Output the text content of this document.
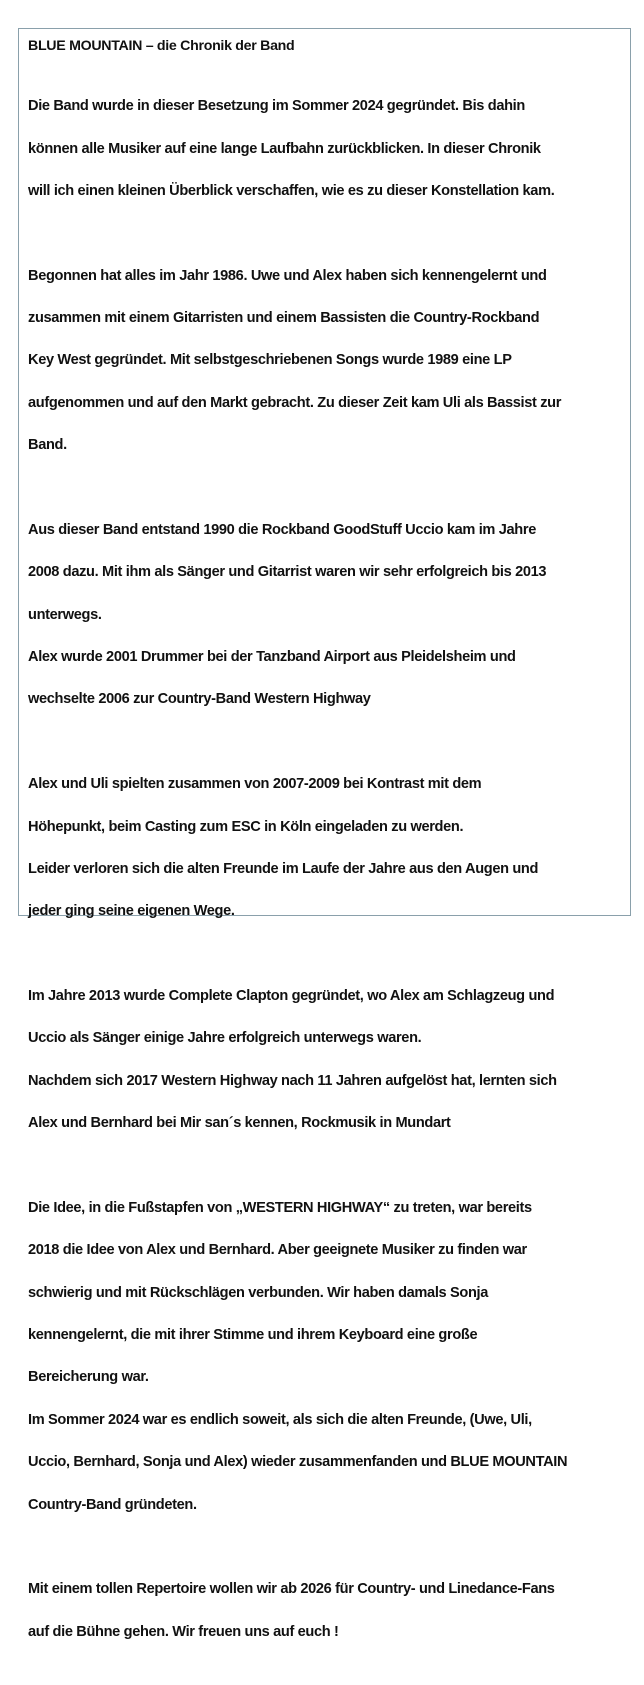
BLUE MOUNTAIN – die Chronik der Band

Die Band wurde in dieser Besetzung im Sommer 2024 gegründet. Bis dahin

können alle Musiker auf eine lange Laufbahn zurückblicken. In dieser Chronik

will ich einen kleinen Überblick verschaffen, wie es zu dieser Konstellation kam.

Begonnen hat alles im Jahr 1986. Uwe und Alex haben sich kennengelernt und

zusammen mit einem Gitarristen und einem Bassisten die Country-Rockband

Key West gegründet. Mit selbstgeschriebenen Songs wurde 1989 eine LP

aufgenommen und auf den Markt gebracht. Zu dieser Zeit kam Uli als Bassist zur

Band.

Aus dieser Band entstand 1990 die Rockband GoodStuff Uccio kam im Jahre

2008 dazu. Mit ihm als Sänger und Gitarrist waren wir sehr erfolgreich bis 2013

unterwegs.

Alex wurde 2001 Drummer bei der Tanzband Airport aus Pleidelsheim und

wechselte 2006 zur Country-Band Western Highway

Alex und Uli spielten zusammen von 2007-2009 bei Kontrast mit dem

Höhepunkt, beim Casting zum ESC in Köln eingeladen zu werden.

Leider verloren sich die alten Freunde im Laufe der Jahre aus den Augen und

jeder ging seine eigenen Wege.

Im Jahre 2013 wurde Complete Clapton gegründet, wo Alex am Schlagzeug und

Uccio als Sänger einige Jahre erfolgreich unterwegs waren.

Nachdem sich 2017 Western Highway nach 11 Jahren aufgelöst hat, lernten sich

Alex und Bernhard bei Mir san´s kennen, Rockmusik in Mundart

Die Idee, in die Fußstapfen von „WESTERN HIGHWAY“ zu treten, war bereits

2018 die Idee von Alex und Bernhard. Aber geeignete Musiker zu finden war

schwierig und mit Rückschlägen verbunden. Wir haben damals Sonja

kennengelernt, die mit ihrer Stimme und ihrem Keyboard eine große

Bereicherung war.

Im Sommer 2024 war es endlich soweit, als sich die alten Freunde, (Uwe, Uli,

Uccio, Bernhard, Sonja und Alex) wieder zusammenfanden und BLUE MOUNTAIN

Country-Band gründeten.

Mit einem tollen Repertoire wollen wir ab 2026 für Country- und Linedance-Fans

auf die Bühne gehen. Wir freuen uns auf euch !
